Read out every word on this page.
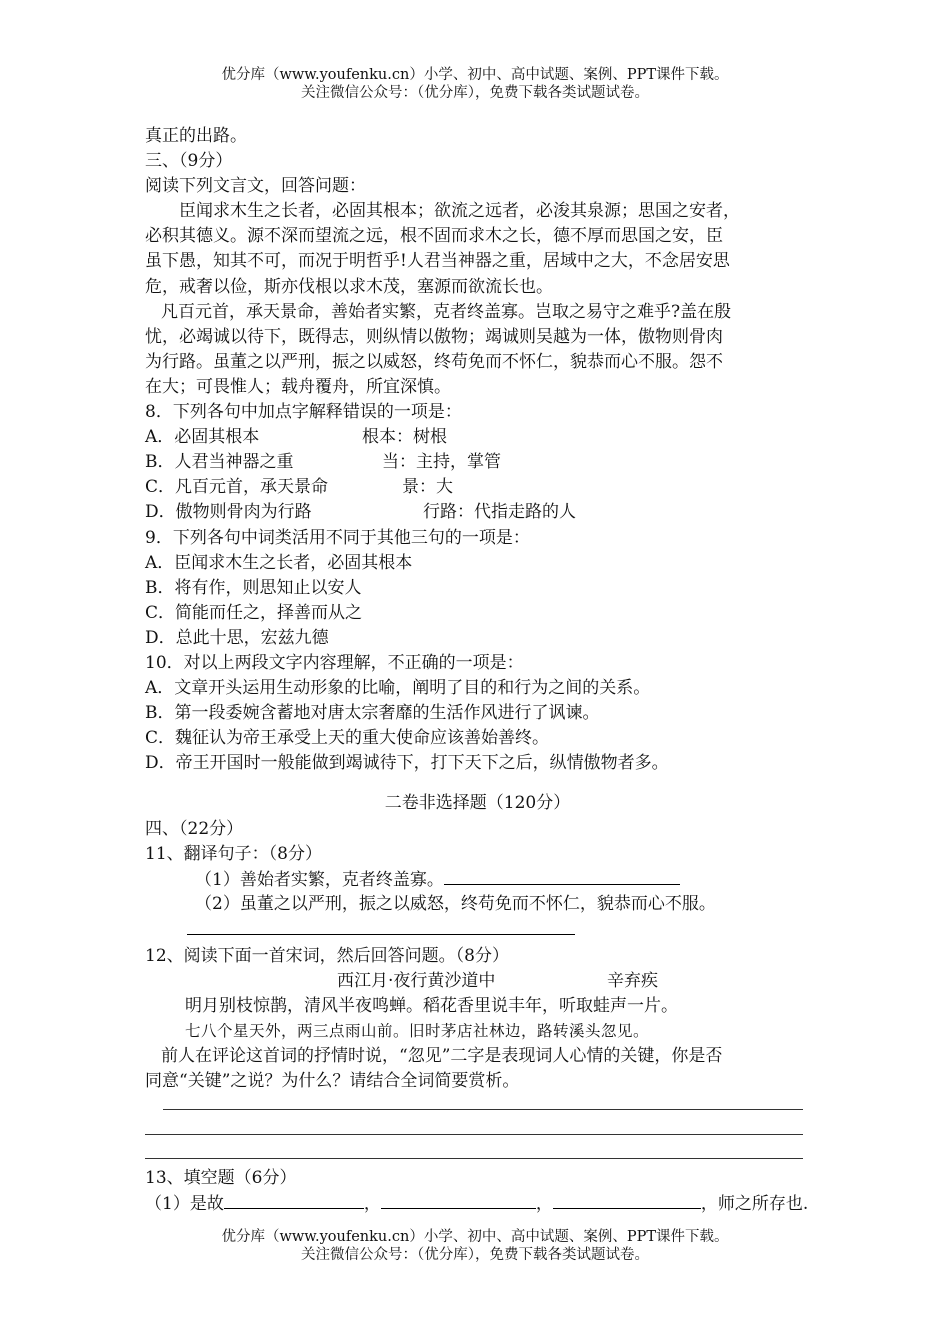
优分库（www.youfenku.cn）小学、初中、高中试题、案例、PPT课件下载。
关注微信公众号：（优分库），免费下载各类试题试卷。
真正的出路。
三、（9分）
阅读下列文言文，回答问题：
臣闻求木生之长者，必固其根本；欲流之远者，必浚其泉源；思国之安者，
必积其德义。源不深而望流之远，根不固而求木之长，德不厚而思国之安，臣
虽下愚，知其不可，而况于明哲乎!人君当神器之重，居域中之大，不念居安思
危，戒奢以俭，斯亦伐根以求木茂，塞源而欲流长也。
凡百元首，承天景命，善始者实繁，克者终盖寡。岂取之易守之难乎?盖在殷
忧，必竭诚以待下，既得志，则纵情以傲物；竭诚则吴越为一体，傲物则骨肉
为行路。虽董之以严刑，振之以威怒，终苟免而不怀仁，貌恭而心不服。怨不
在大；可畏惟人；载舟覆舟，所宜深慎。
8．下列各句中加点字解释错误的一项是：
A．必固其根本	根本：树根
B．人君当神器之重	当：主持，掌管
C．凡百元首，承天景命	景：大
D．傲物则骨肉为行路	行路：代指走路的人
9．下列各句中词类活用不同于其他三句的一项是：
A．臣闻求木生之长者，必固其根本
B．将有作，则思知止以安人
C．简能而任之，择善而从之
D．总此十思，宏兹九德
10．对以上两段文字内容理解，不正确的一项是：
A．文章开头运用生动形象的比喻，阐明了目的和行为之间的关系。
B．第一段委婉含蓄地对唐太宗奢靡的生活作风进行了讽谏。
C．魏征认为帝王承受上天的重大使命应该善始善终。
D．帝王开国时一般能做到竭诚待下，打下天下之后，纵情傲物者多。
二卷非选择题（120分）
四、（22分）
11、翻译句子：（8分）
（1）善始者实繁，克者终盖寡。
（2）虽董之以严刑，振之以威怒，终苟免而不怀仁，貌恭而心不服。
12、阅读下面一首宋词，然后回答问题。（8分）
西江月·夜行黄沙道中	辛弃疾
明月别枝惊鹊，清风半夜鸣蝉。稻花香里说丰年，听取蛙声一片。
七八个星天外，两三点雨山前。旧时茅店社林边，路转溪头忽见。
前人在评论这首词的抒情时说，“忽见”二字是表现词人心情的关键，你是否
同意“关键”之说？为什么？请结合全词简要赏析。
13、填空题（6分）
（1）是故	，	，	，师之所存也.
优分库（www.youfenku.cn）小学、初中、高中试题、案例、PPT课件下载。
关注微信公众号：（优分库），免费下载各类试题试卷。
